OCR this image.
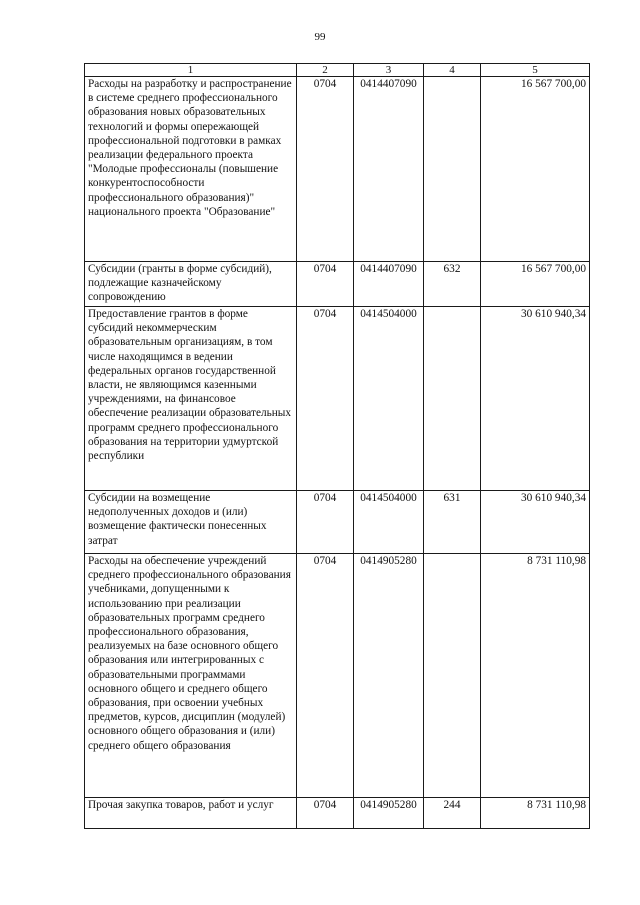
99
1	2	3	4	5
Расходы на разработку и распространение в системе среднего профессионального образования новых образовательных технологий и формы опережающей профессиональной подготовки в рамках реализации федерального проекта "Молодые профессионалы (повышение конкурентоспособности профессионального образования)" национального проекта "Образование"	0704	0414407090		16 567 700,00
Субсидии (гранты в форме субсидий), подлежащие казначейскому сопровождению	0704	0414407090	632	16 567 700,00
Предоставление грантов в форме субсидий некоммерческим образовательным организациям, в том числе находящимся в ведении федеральных органов государственной власти, не являющимся казенными учреждениями, на финансовое обеспечение реализации образовательных программ среднего профессионального образования на территории удмуртской республики	0704	0414504000		30 610 940,34
Субсидии на возмещение недополученных доходов и (или) возмещение фактически понесенных затрат	0704	0414504000	631	30 610 940,34
Расходы на обеспечение учреждений среднего профессионального образования учебниками, допущенными к использованию при реализации образовательных программ среднего профессионального образования, реализуемых на базе основного общего образования или интегрированных с образовательными программами основного общего и среднего общего образования, при освоении учебных предметов, курсов, дисциплин (модулей) основного общего образования и (или) среднего общего образования	0704	0414905280		8 731 110,98
Прочая закупка товаров, работ и услуг	0704	0414905280	244	8 731 110,98
